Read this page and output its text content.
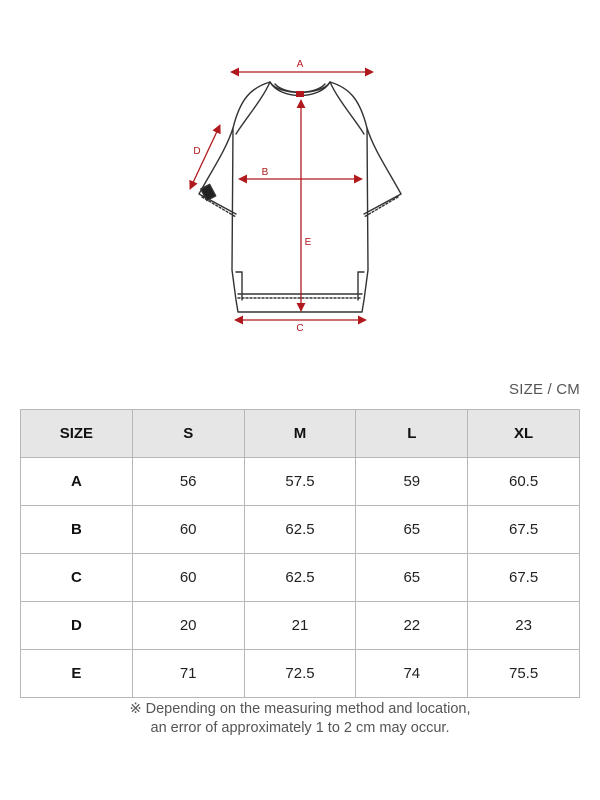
A
B
C
D
E
SIZE / CM
SIZE	S	M	L	XL
A	56	57.5	59	60.5
B	60	62.5	65	67.5
C	60	62.5	65	67.5
D	20	21	22	23
E	71	72.5	74	75.5
※ Depending on the measuring method and location,
an error of approximately 1 to 2 cm may occur.
